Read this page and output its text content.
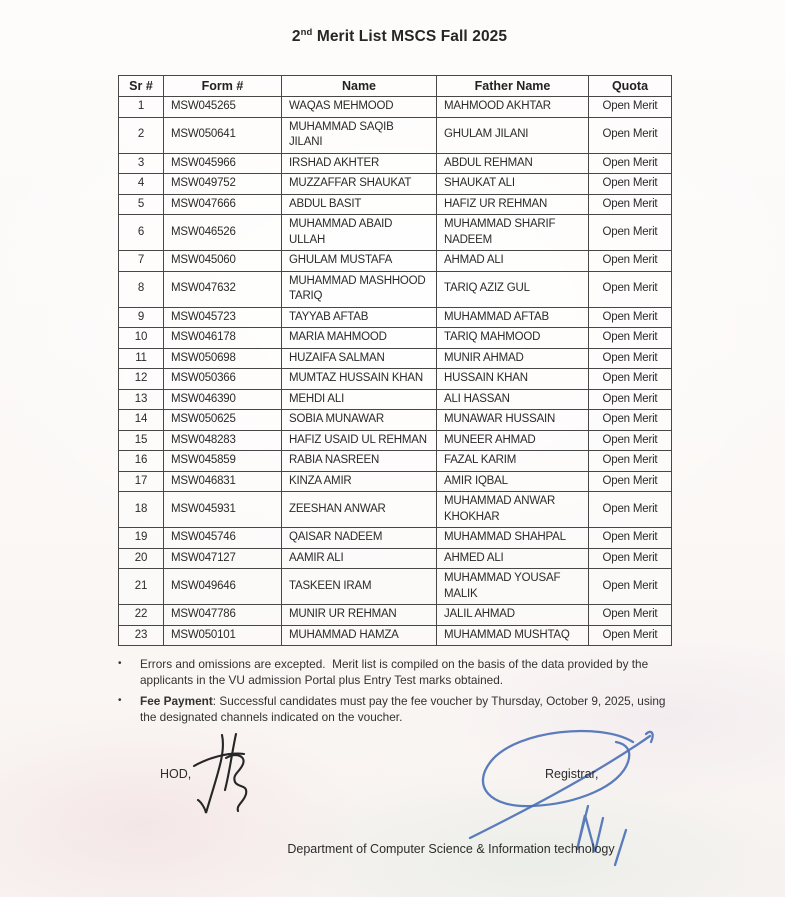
2nd Merit List MSCS Fall 2025
Sr #	Form #	Name	Father Name	Quota
1	MSW045265	WAQAS MEHMOOD	MAHMOOD AKHTAR	Open Merit
2	MSW050641	MUHAMMAD SAQIB JILANI	GHULAM JILANI	Open Merit
3	MSW045966	IRSHAD AKHTER	ABDUL REHMAN	Open Merit
4	MSW049752	MUZZAFFAR SHAUKAT	SHAUKAT ALI	Open Merit
5	MSW047666	ABDUL BASIT	HAFIZ UR REHMAN	Open Merit
6	MSW046526	MUHAMMAD ABAID ULLAH	MUHAMMAD SHARIF NADEEM	Open Merit
7	MSW045060	GHULAM MUSTAFA	AHMAD ALI	Open Merit
8	MSW047632	MUHAMMAD MASHHOOD TARIQ	TARIQ AZIZ GUL	Open Merit
9	MSW045723	TAYYAB AFTAB	MUHAMMAD AFTAB	Open Merit
10	MSW046178	MARIA MAHMOOD	TARIQ MAHMOOD	Open Merit
11	MSW050698	HUZAIFA SALMAN	MUNIR AHMAD	Open Merit
12	MSW050366	MUMTAZ HUSSAIN KHAN	HUSSAIN KHAN	Open Merit
13	MSW046390	MEHDI ALI	ALI HASSAN	Open Merit
14	MSW050625	SOBIA MUNAWAR	MUNAWAR HUSSAIN	Open Merit
15	MSW048283	HAFIZ USAID UL REHMAN	MUNEER AHMAD	Open Merit
16	MSW045859	RABIA NASREEN	FAZAL KARIM	Open Merit
17	MSW046831	KINZA AMIR	AMIR IQBAL	Open Merit
18	MSW045931	ZEESHAN ANWAR	MUHAMMAD ANWAR KHOKHAR	Open Merit
19	MSW045746	QAISAR NADEEM	MUHAMMAD SHAHPAL	Open Merit
20	MSW047127	AAMIR ALI	AHMED ALI	Open Merit
21	MSW049646	TASKEEN IRAM	MUHAMMAD YOUSAF MALIK	Open Merit
22	MSW047786	MUNIR UR REHMAN	JALIL AHMAD	Open Merit
23	MSW050101	MUHAMMAD HAMZA	MUHAMMAD MUSHTAQ	Open Merit
•	Errors and omissions are excepted.  Merit list is compiled on the basis of the data provided by the applicants in the VU admission Portal plus Entry Test marks obtained.
•	Fee Payment: Successful candidates must pay the fee voucher by Thursday, October 9, 2025, using the designated channels indicated on the voucher.
HOD,	Registrar,
Department of Computer Science & Information technology
